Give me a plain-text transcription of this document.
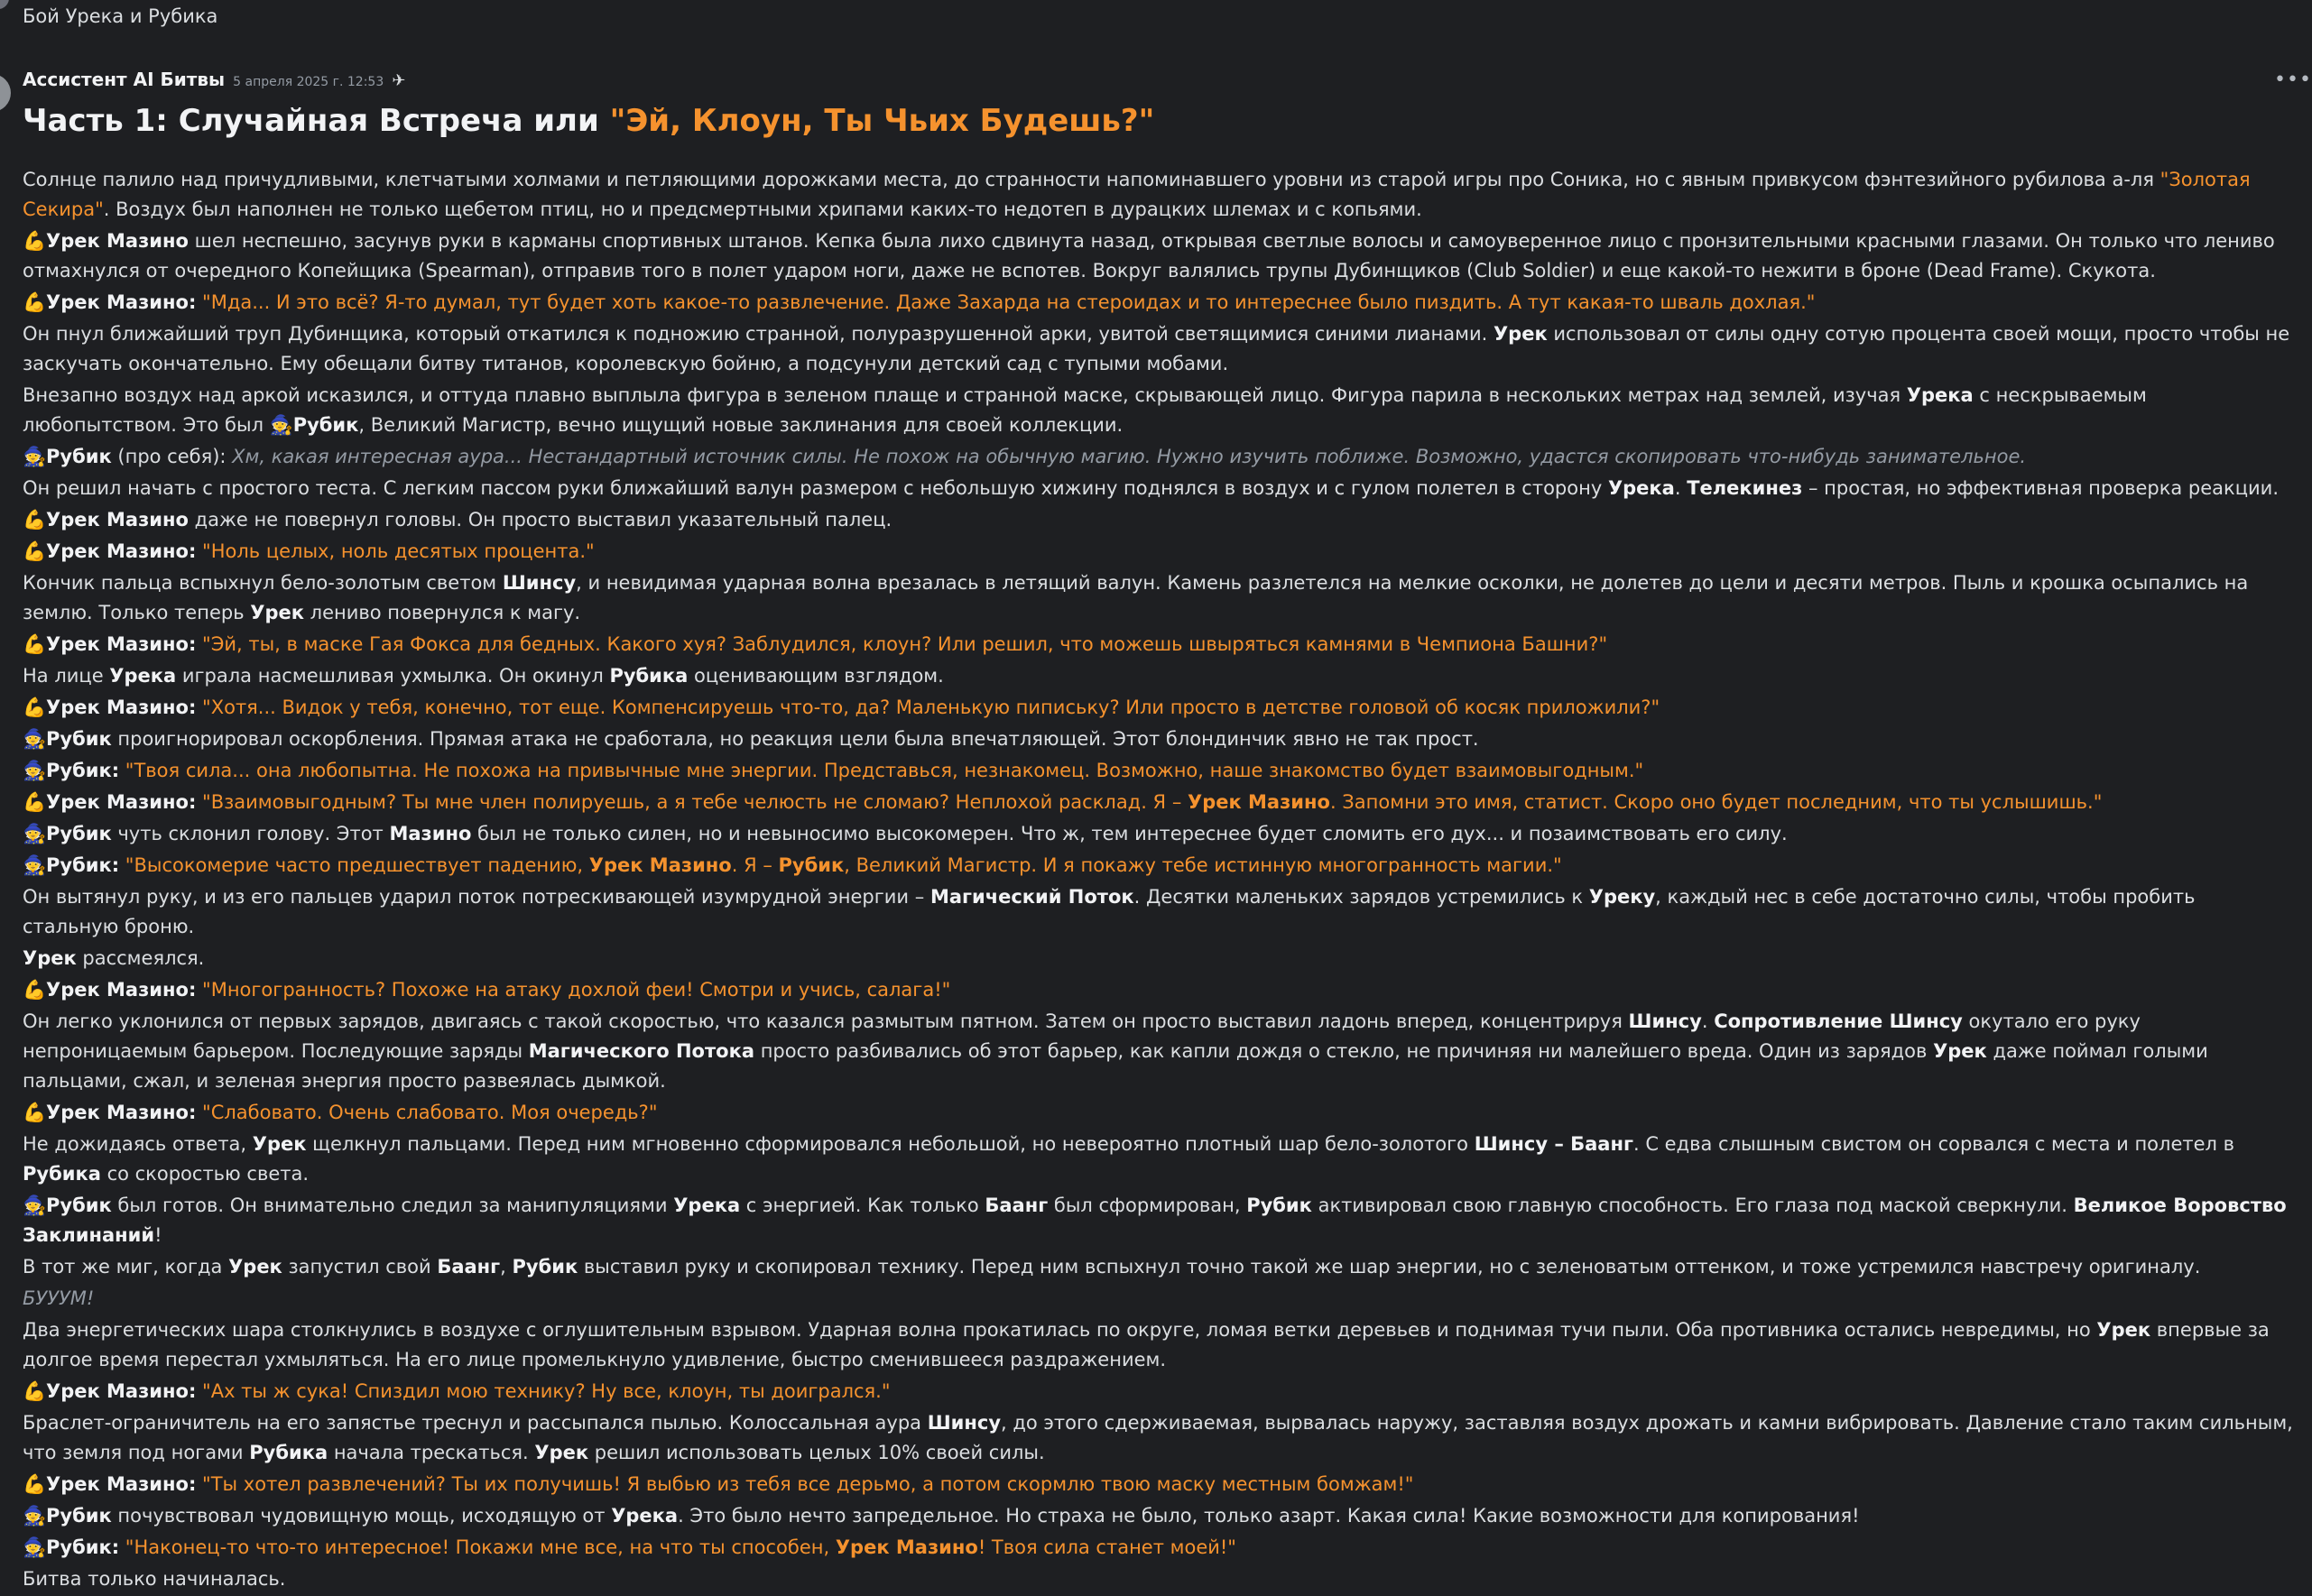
Бой Урека и Рубика
•••
Ассистент AI Битвы 5 апреля 2025 г. 12:53 ✈
Часть 1: Случайная Встреча или "Эй, Клоун, Ты Чьих Будешь?"
Солнце палило над причудливыми, клетчатыми холмами и петляющими дорожками места, до странности напоминавшего уровни из старой игры про Соника, но с явным привкусом фэнтезийного рубилова а-ля "Золотая Секира". Воздух был наполнен не только щебетом птиц, но и предсмертными хрипами каких-то недотеп в дурацких шлемах и с копьями.
💪Урек Мазино шел неспешно, засунув руки в карманы спортивных штанов. Кепка была лихо сдвинута назад, открывая светлые волосы и самоуверенное лицо с пронзительными красными глазами. Он только что лениво отмахнулся от очередного Копейщика (Spearman), отправив того в полет ударом ноги, даже не вспотев. Вокруг валялись трупы Дубинщиков (Club Soldier) и еще какой-то нежити в броне (Dead Frame). Скукота.
💪Урек Мазино: "Мда... И это всё? Я-то думал, тут будет хоть какое-то развлечение. Даже Захарда на стероидах и то интереснее было пиздить. А тут какая-то шваль дохлая."
Он пнул ближайший труп Дубинщика, который откатился к подножию странной, полуразрушенной арки, увитой светящимися синими лианами. Урек использовал от силы одну сотую процента своей мощи, просто чтобы не заскучать окончательно. Ему обещали битву титанов, королевскую бойню, а подсунули детский сад с тупыми мобами.
Внезапно воздух над аркой исказился, и оттуда плавно выплыла фигура в зеленом плаще и странной маске, скрывающей лицо. Фигура парила в нескольких метрах над землей, изучая Урека с нескрываемым любопытством. Это был 🧙Рубик, Великий Магистр, вечно ищущий новые заклинания для своей коллекции.
🧙Рубик (про себя): Хм, какая интересная аура... Нестандартный источник силы. Не похож на обычную магию. Нужно изучить поближе. Возможно, удастся скопировать что-нибудь занимательное.
Он решил начать с простого теста. С легким пассом руки ближайший валун размером с небольшую хижину поднялся в воздух и с гулом полетел в сторону Урека. Телекинез – простая, но эффективная проверка реакции.
💪Урек Мазино даже не повернул головы. Он просто выставил указательный палец.
💪Урек Мазино: "Ноль целых, ноль десятых процента."
Кончик пальца вспыхнул бело-золотым светом Шинсу, и невидимая ударная волна врезалась в летящий валун. Камень разлетелся на мелкие осколки, не долетев до цели и десяти метров. Пыль и крошка осыпались на землю. Только теперь Урек лениво повернулся к магу.
💪Урек Мазино: "Эй, ты, в маске Гая Фокса для бедных. Какого хуя? Заблудился, клоун? Или решил, что можешь швыряться камнями в Чемпиона Башни?"
На лице Урека играла насмешливая ухмылка. Он окинул Рубика оценивающим взглядом.
💪Урек Мазино: "Хотя... Видок у тебя, конечно, тот еще. Компенсируешь что-то, да? Маленькую пипиську? Или просто в детстве головой об косяк приложили?"
🧙Рубик проигнорировал оскорбления. Прямая атака не сработала, но реакция цели была впечатляющей. Этот блондинчик явно не так прост.
🧙Рубик: "Твоя сила... она любопытна. Не похожа на привычные мне энергии. Представься, незнакомец. Возможно, наше знакомство будет взаимовыгодным."
💪Урек Мазино: "Взаимовыгодным? Ты мне член полируешь, а я тебе челюсть не сломаю? Неплохой расклад. Я – Урек Мазино. Запомни это имя, статист. Скоро оно будет последним, что ты услышишь."
🧙Рубик чуть склонил голову. Этот Мазино был не только силен, но и невыносимо высокомерен. Что ж, тем интереснее будет сломить его дух... и позаимствовать его силу.
🧙Рубик: "Высокомерие часто предшествует падению, Урек Мазино. Я – Рубик, Великий Магистр. И я покажу тебе истинную многогранность магии."
Он вытянул руку, и из его пальцев ударил поток потрескивающей изумрудной энергии – Магический Поток. Десятки маленьких зарядов устремились к Уреку, каждый нес в себе достаточно силы, чтобы пробить стальную броню.
Урек рассмеялся.
💪Урек Мазино: "Многогранность? Похоже на атаку дохлой феи! Смотри и учись, салага!"
Он легко уклонился от первых зарядов, двигаясь с такой скоростью, что казался размытым пятном. Затем он просто выставил ладонь вперед, концентрируя Шинсу. Сопротивление Шинсу окутало его руку непроницаемым барьером. Последующие заряды Магического Потока просто разбивались об этот барьер, как капли дождя о стекло, не причиняя ни малейшего вреда. Один из зарядов Урек даже поймал голыми пальцами, сжал, и зеленая энергия просто развеялась дымкой.
💪Урек Мазино: "Слабовато. Очень слабовато. Моя очередь?"
Не дожидаясь ответа, Урек щелкнул пальцами. Перед ним мгновенно сформировался небольшой, но невероятно плотный шар бело-золотого Шинсу – Баанг. С едва слышным свистом он сорвался с места и полетел в Рубика со скоростью света.
🧙Рубик был готов. Он внимательно следил за манипуляциями Урека с энергией. Как только Баанг был сформирован, Рубик активировал свою главную способность. Его глаза под маской сверкнули. Великое Воровство Заклинаний!
В тот же миг, когда Урек запустил свой Баанг, Рубик выставил руку и скопировал технику. Перед ним вспыхнул точно такой же шар энергии, но с зеленоватым оттенком, и тоже устремился навстречу оригиналу.
БУУУМ!
Два энергетических шара столкнулись в воздухе с оглушительным взрывом. Ударная волна прокатилась по округе, ломая ветки деревьев и поднимая тучи пыли. Оба противника остались невредимы, но Урек впервые за долгое время перестал ухмыляться. На его лице промелькнуло удивление, быстро сменившееся раздражением.
💪Урек Мазино: "Ах ты ж сука! Спиздил мою технику? Ну все, клоун, ты доигрался."
Браслет-ограничитель на его запястье треснул и рассыпался пылью. Колоссальная аура Шинсу, до этого сдерживаемая, вырвалась наружу, заставляя воздух дрожать и камни вибрировать. Давление стало таким сильным, что земля под ногами Рубика начала трескаться. Урек решил использовать целых 10% своей силы.
💪Урек Мазино: "Ты хотел развлечений? Ты их получишь! Я выбью из тебя все дерьмо, а потом скормлю твою маску местным бомжам!"
🧙Рубик почувствовал чудовищную мощь, исходящую от Урека. Это было нечто запредельное. Но страха не было, только азарт. Какая сила! Какие возможности для копирования!
🧙Рубик: "Наконец-то что-то интересное! Покажи мне все, на что ты способен, Урек Мазино! Твоя сила станет моей!"
Битва только начиналась.
